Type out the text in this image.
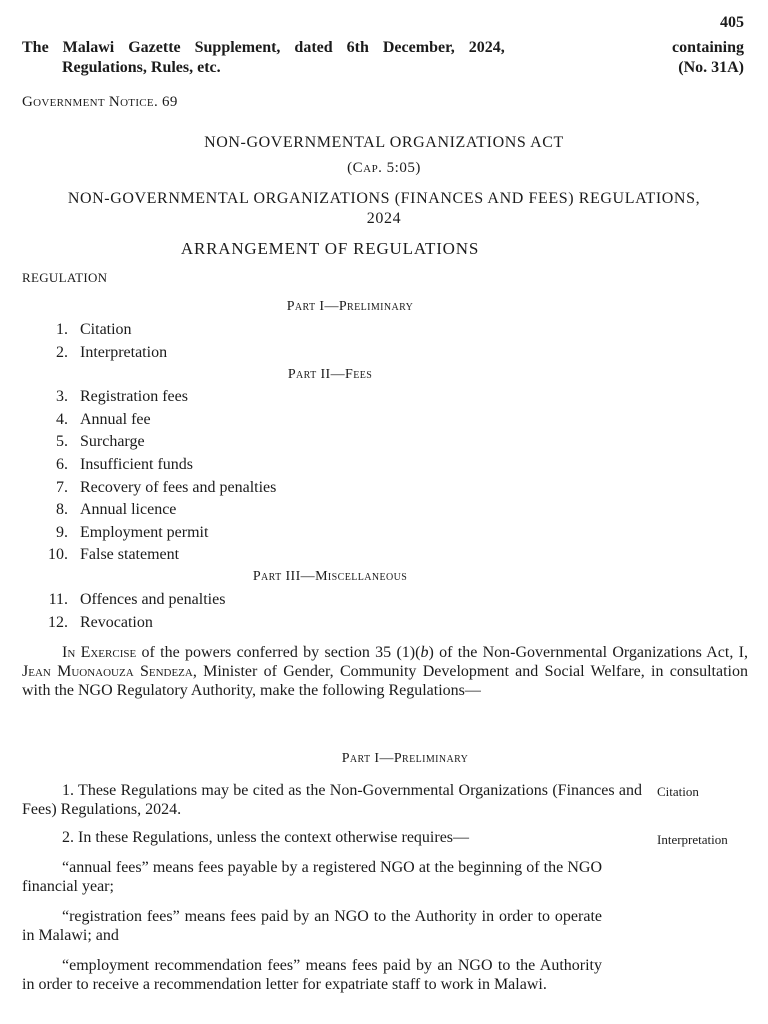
405
The Malawi Gazette Supplement, dated 6th December, 2024,	containing
Regulations, Rules, etc.	(No. 31A)
Government Notice. 69
NON-GOVERNMENTAL ORGANIZATIONS ACT
(Cap. 5:05)
NON-GOVERNMENTAL ORGANIZATIONS (FINANCES AND FEES) REGULATIONS, 2024
ARRANGEMENT OF REGULATIONS
REGULATION
Part I—Preliminary
1. Citation
2. Interpretation
Part II—Fees
3. Registration fees
4. Annual fee
5. Surcharge
6. Insufficient funds
7. Recovery of fees and penalties
8. Annual licence
9. Employment permit
10. False statement
Part III—Miscellaneous
11. Offences and penalties
12. Revocation
In Exercise of the powers conferred by section 35 (1)(b) of the Non-Governmental Organizations Act, I, Jean Muonaouza Sendeza, Minister of Gender, Community Development and Social Welfare, in consultation with the NGO Regulatory Authority, make the following Regulations—
Part I—Preliminary
1. These Regulations may be cited as the Non-Governmental Organizations (Finances and Fees) Regulations, 2024.
Citation
2. In these Regulations, unless the context otherwise requires—	Interpretation
“annual fees” means fees payable by a registered NGO at the beginning of the NGO financial year;
“registration fees” means fees paid by an NGO to the Authority in order to operate in Malawi; and
“employment recommendation fees” means fees paid by an NGO to the Authority in order to receive a recommendation letter for expatriate staff to work in Malawi.
